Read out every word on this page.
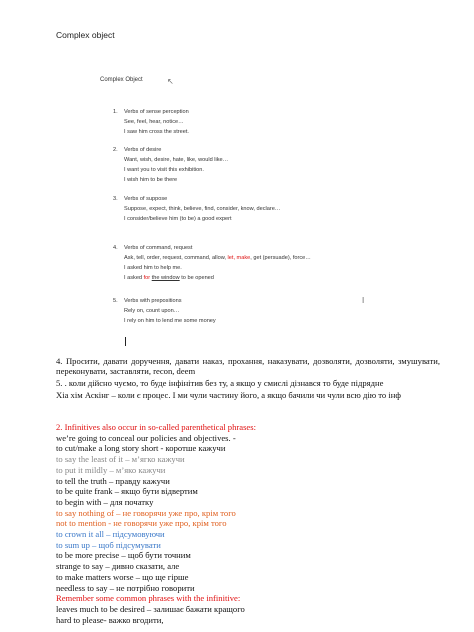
Complex object
Complex Object	↖
I
1. Verbs of sense perception
See, feel, hear, notice…
I saw him cross the street.
2. Verbs of desire
Want, wish, desire, hate, like, would like…
I want you to visit this exhibition.
I wish him to be there
3. Verbs of suppose
Suppose, expect, think, believe, find, consider, know, declare…
I consider/believe him (to be) a good expert
4. Verbs of command, request
Ask, tell, order, request, command, allow, let, make, get (persuade), force…
I asked him to help me.
I asked for the window to be opened
5. Verbs with prepositions
Rely on, count upon…
I rely on him to lend me some money
4. Просити, давати доручення, давати наказ, прохання, наказувати, дозволяти, дозволяти, змушувати, переконувати, заставляти, recon, deem
5. . коли дійсно чуємо, то буде інфінітив без ту, а якщо у смислі дізнався то буде підрядне
Хіа хім Аскінг – коли є процес. І ми чули частину його, а якщо бачили чи чули всю дію то інф
2. Infinitives also occur in so-called parenthetical phrases:
we’re going to conceal our policies and objectives. -
to cut/make a long story short - коротше кажучи
to say the least of it – м’ягко кажучи
to put it mildly – м’яко кажучи
to tell the truth – правду кажучи
to be quite frank – якщо бути відвертим
to begin with – для початку
to say nothing of – не говорячи уже про, крім того
not to mention - не говорячи уже про, крім того
to crown it all – підсумовуючи
to sum up – щоб підсумувати
to be more precise – щоб бути точним
strange to say – дивно сказати, але
to make matters worse – що ще гірше
needless to say – не потрібно говорити
Remember some common phrases with the infinitive:
leaves much to be desired – залишає бажати кращого
hard to please- важко вгодити,
